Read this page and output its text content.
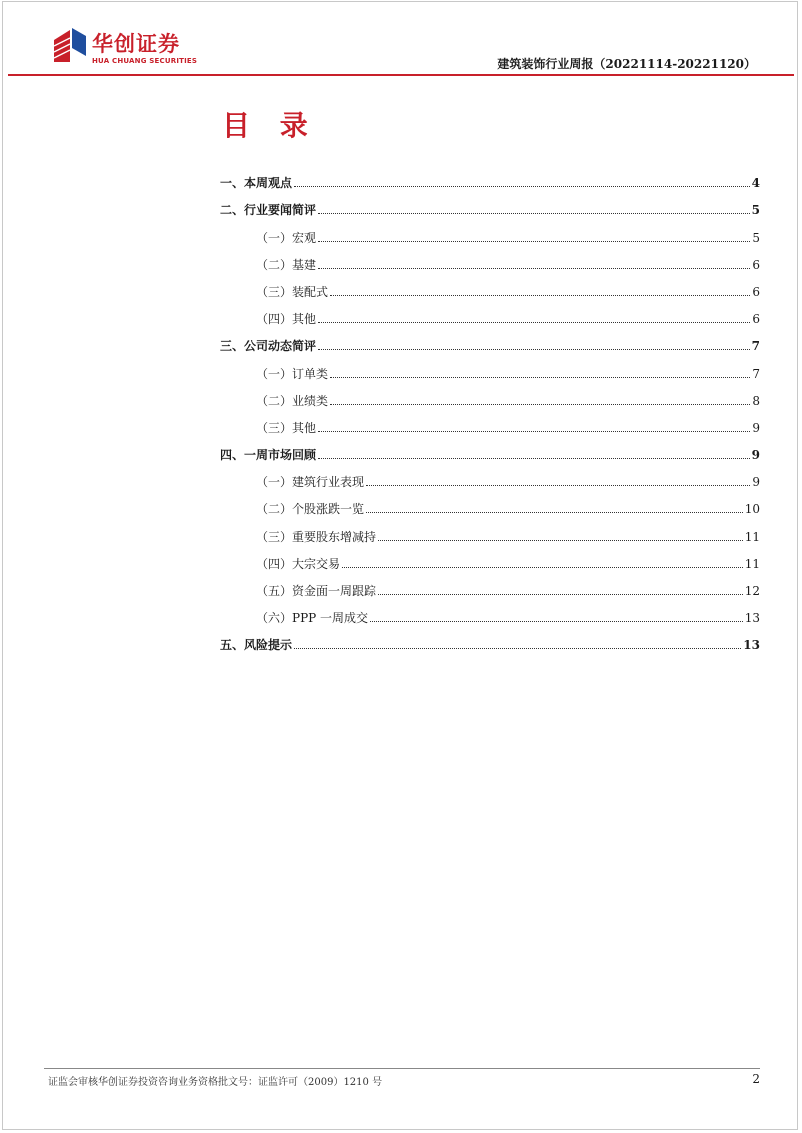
华创证券
HUA CHUANG SECURITIES	建筑装饰行业周报（20221114-20221120）
目 录
一、本周观点	4
二、行业要闻简评	5
（一）宏观	5
（二）基建	6
（三）装配式	6
（四）其他	6
三、公司动态简评	7
（一）订单类	7
（二）业绩类	8
（三）其他	9
四、一周市场回顾	9
（一）建筑行业表现	9
（二）个股涨跌一览	10
（三）重要股东增减持	11
（四）大宗交易	11
（五）资金面一周跟踪	12
（六）PPP 一周成交	13
五、风险提示	13
证监会审核华创证券投资咨询业务资格批文号：证监许可（2009）1210 号	2
